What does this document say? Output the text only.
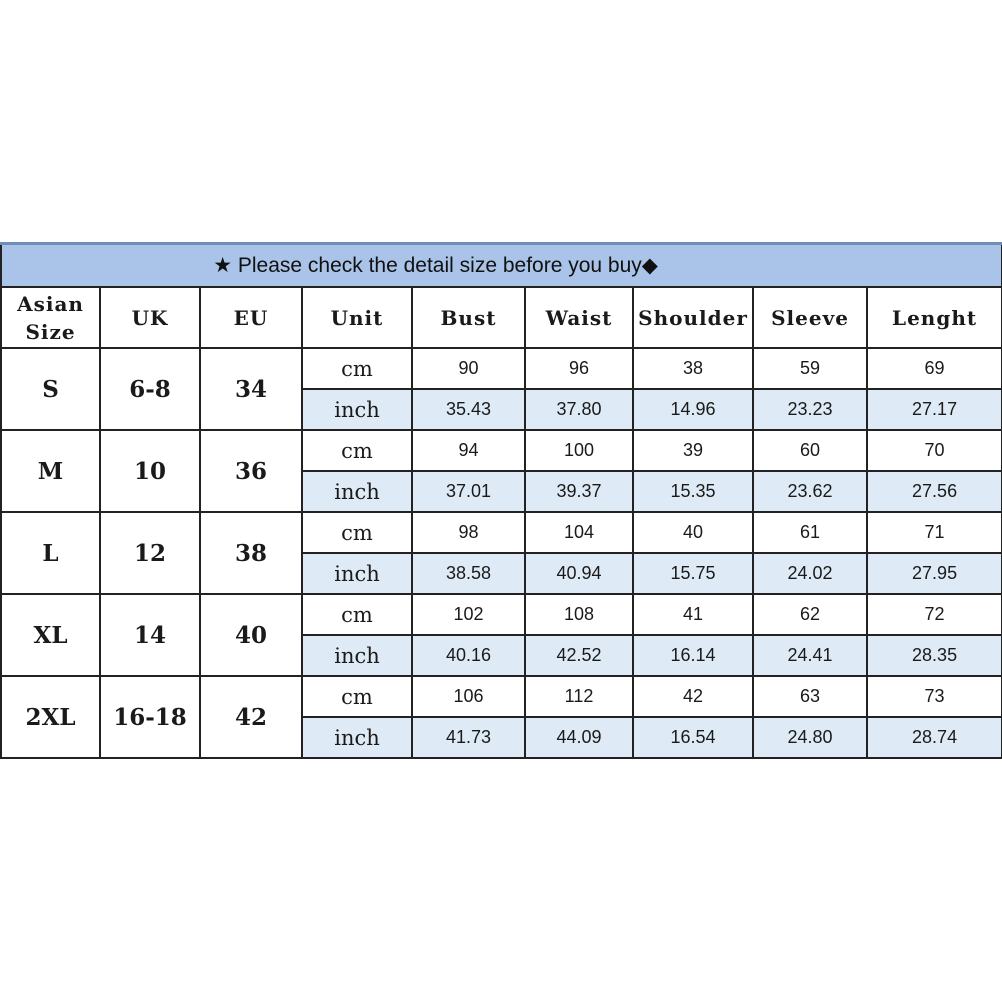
★ Please check the detail size before you buy◆								

Asian
Size	UK	EU	Unit	Bust	Waist	Shoulder	Sleeve	Lenght
S	6-8	34	cm	90	96	38	59	69
			inch	35.43	37.80	14.96	23.23	27.17
M	10	36	cm	94	100	39	60	70
			inch	37.01	39.37	15.35	23.62	27.56
L	12	38	cm	98	104	40	61	71
			inch	38.58	40.94	15.75	24.02	27.95
XL	14	40	cm	102	108	41	62	72
			inch	40.16	42.52	16.14	24.41	28.35
2XL	16-18	42	cm	106	112	42	63	73
			inch	41.73	44.09	16.54	24.80	28.74
